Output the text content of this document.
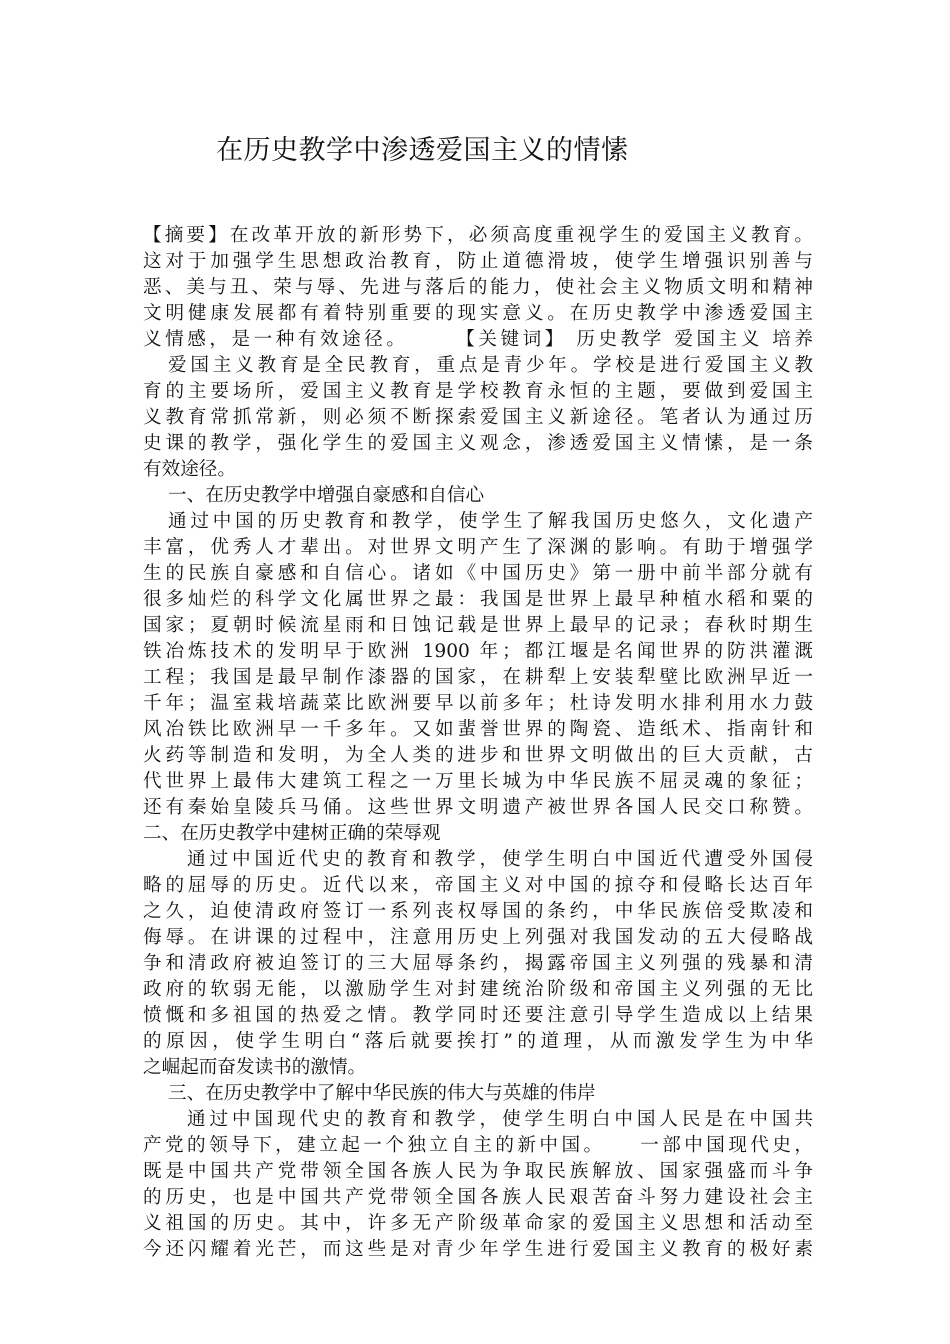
在历史教学中渗透爱国主义的情愫
【摘要】在改革开放的新形势下，必须高度重视学生的爱国主义教育。
这对于加强学生思想政治教育，防止道德滑坡，使学生增强识别善与
恶、美与丑、荣与辱、先进与落后的能力，使社会主义物质文明和精神
文明健康发展都有着特别重要的现实意义。在历史教学中渗透爱国主
义情感，是一种有效途径。　　　【关键词】 历史教学 爱国主义 培养
爱国主义教育是全民教育，重点是青少年。学校是进行爱国主义教
育的主要场所，爱国主义教育是学校教育永恒的主题，要做到爱国主
义教育常抓常新，则必须不断探索爱国主义新途径。笔者认为通过历
史课的教学，强化学生的爱国主义观念，渗透爱国主义情愫，是一条
有效途径。
一、在历史教学中增强自豪感和自信心
通过中国的历史教育和教学，使学生了解我国历史悠久，文化遗产
丰富，优秀人才辈出。对世界文明产生了深渊的影响。有助于增强学
生的民族自豪感和自信心。诸如《中国历史》第一册中前半部分就有
很多灿烂的科学文化属世界之最：我国是世界上最早种植水稻和粟的
国家；夏朝时候流星雨和日蚀记载是世界上最早的记录；春秋时期生
铁冶炼技术的发明早于欧洲 1900 年；都江堰是名闻世界的防洪灌溉
工程；我国是最早制作漆器的国家，在耕犁上安装犁壁比欧洲早近一
千年；温室栽培蔬菜比欧洲要早以前多年；杜诗发明水排利用水力鼓
风冶铁比欧洲早一千多年。又如蜚誉世界的陶瓷、造纸术、指南针和
火药等制造和发明，为全人类的进步和世界文明做出的巨大贡献，古
代世界上最伟大建筑工程之一万里长城为中华民族不屈灵魂的象征；
还有秦始皇陵兵马俑。这些世界文明遗产被世界各国人民交口称赞。
二、在历史教学中建树正确的荣辱观
通过中国近代史的教育和教学，使学生明白中国近代遭受外国侵
略的屈辱的历史。近代以来，帝国主义对中国的掠夺和侵略长达百年
之久，迫使清政府签订一系列丧权辱国的条约，中华民族倍受欺凌和
侮辱。在讲课的过程中，注意用历史上列强对我国发动的五大侵略战
争和清政府被迫签订的三大屈辱条约，揭露帝国主义列强的残暴和清
政府的软弱无能，以激励学生对封建统治阶级和帝国主义列强的无比
愤慨和多祖国的热爱之情。教学同时还要注意引导学生造成以上结果
的原因，使学生明白“落后就要挨打”的道理，从而激发学生为中华
之崛起而奋发读书的激情。
三、在历史教学中了解中华民族的伟大与英雄的伟岸
通过中国现代史的教育和教学，使学生明白中国人民是在中国共
产党的领导下，建立起一个独立自主的新中国。　　一部中国现代史，
既是中国共产党带领全国各族人民为争取民族解放、国家强盛而斗争
的历史，也是中国共产党带领全国各族人民艰苦奋斗努力建设社会主
义祖国的历史。其中，许多无产阶级革命家的爱国主义思想和活动至
今还闪耀着光芒，而这些是对青少年学生进行爱国主义教育的极好素
